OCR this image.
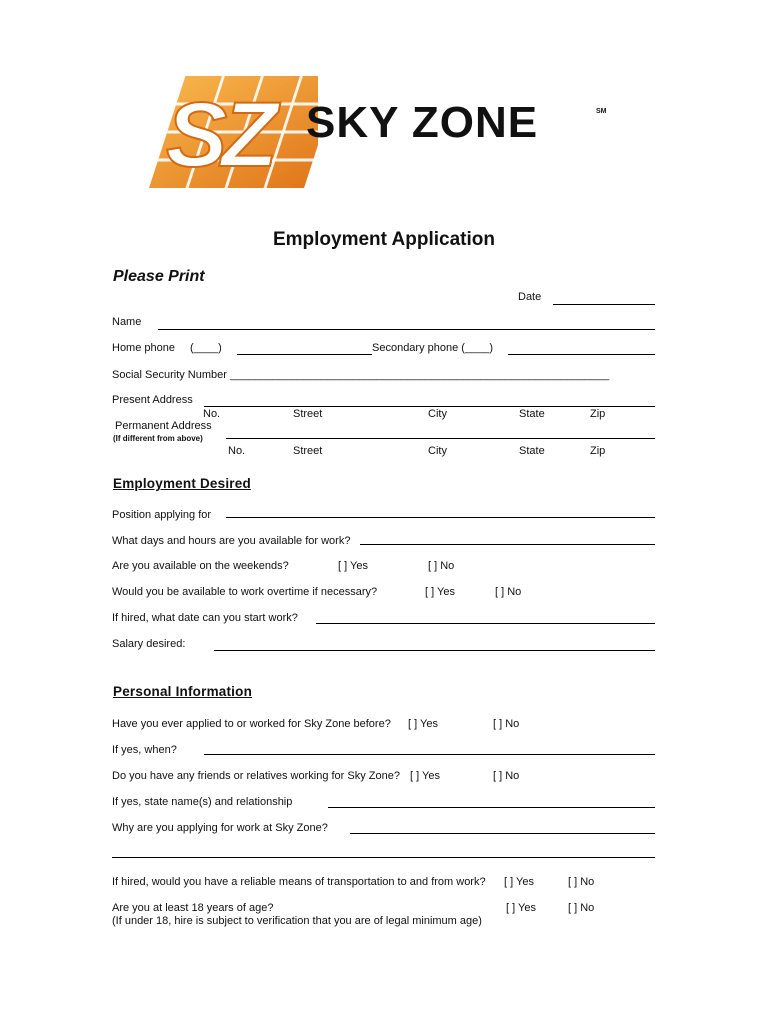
SZ SKY ZONE	SM
Employment Application
Please Print
Date
Name
Home phone (____)	Secondary phone (____)
Social Security Number ______________________________________________________________
Present Address
No.	Street	City	State	Zip
Permanent Address
(If different from above)
No.	Street	City	State	Zip
Employment Desired
Position applying for
What days and hours are you available for work?
Are you available on the weekends?	[ ] Yes	[ ] No
Would you be available to work overtime if necessary?	[ ] Yes	[ ] No
If hired, what date can you start work?
Salary desired:
Personal Information
Have you ever applied to or worked for Sky Zone before? [ ] Yes	[ ] No
If yes, when?
Do you have any friends or relatives working for Sky Zone? [ ] Yes	[ ] No
If yes, state name(s) and relationship
Why are you applying for work at Sky Zone?
If hired, would you have a reliable means of transportation to and from work? [ ] Yes	[ ] No
Are you at least 18 years of age?	[ ] Yes	[ ] No
(If under 18, hire is subject to verification that you are of legal minimum age)
